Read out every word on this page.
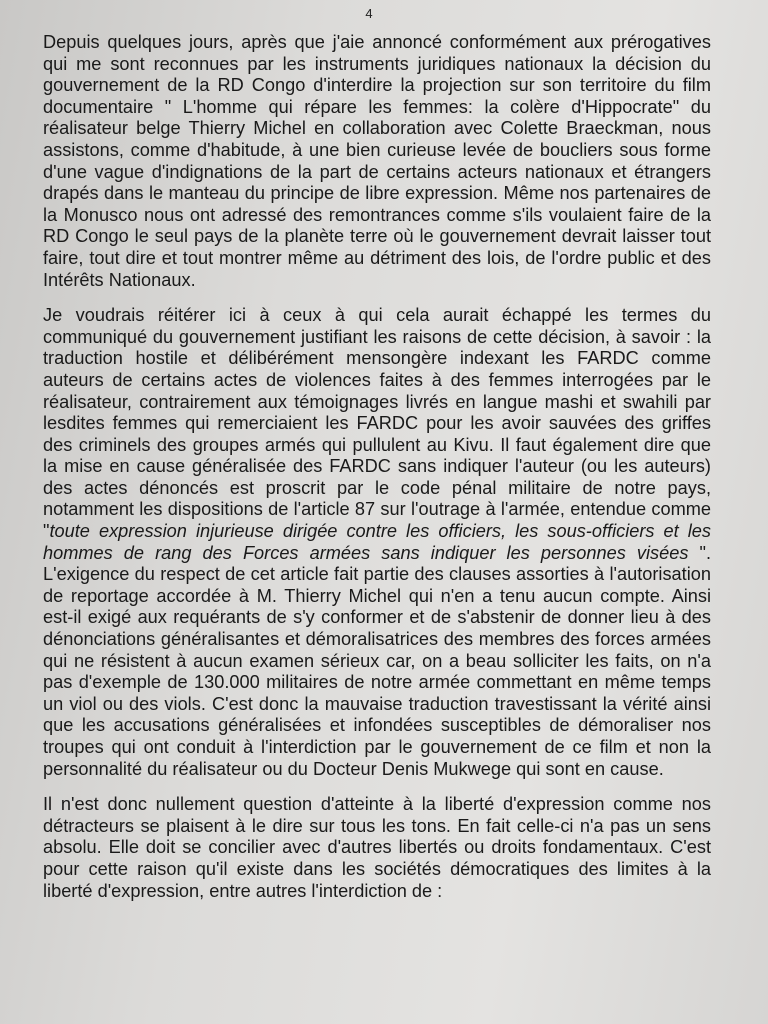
4

Depuis quelques jours, après que j'aie annoncé conformément aux prérogatives qui me sont reconnues par les instruments juridiques nationaux la décision du gouvernement de la RD Congo d'interdire la projection sur son territoire du film documentaire " L'homme qui répare les femmes: la colère d'Hippocrate" du réalisateur belge Thierry Michel en collaboration avec Colette Braeckman, nous assistons, comme d'habitude, à une bien curieuse levée de boucliers sous forme d'une vague d'indignations de la part de certains acteurs nationaux et étrangers drapés dans le manteau du principe de libre expression. Même nos partenaires de la Monusco nous ont adressé des remontrances comme s'ils voulaient faire de la RD Congo le seul pays de la planète terre où le gouvernement devrait laisser tout faire, tout dire et tout montrer même au détriment des lois, de l'ordre public et des Intérêts Nationaux.

Je voudrais réitérer ici à ceux à qui cela aurait échappé les termes du communiqué du gouvernement justifiant les raisons de cette décision, à savoir : la traduction hostile et délibérément mensongère indexant les FARDC comme auteurs de certains actes de violences faites à des femmes interrogées par le réalisateur, contrairement aux témoignages livrés en langue mashi et swahili par lesdites femmes qui remerciaient les FARDC pour les avoir sauvées des griffes des criminels des groupes armés qui pullulent au Kivu. Il faut également dire que la mise en cause généralisée des FARDC sans indiquer l'auteur (ou les auteurs) des actes dénoncés est proscrit par le code pénal militaire de notre pays, notamment les dispositions de l'article 87 sur l'outrage à l'armée, entendue comme "toute expression injurieuse dirigée contre les officiers, les sous-officiers et les hommes de rang des Forces armées sans indiquer les personnes visées ". L'exigence du respect de cet article fait partie des clauses assorties à l'autorisation de reportage accordée à M. Thierry Michel qui n'en a tenu aucun compte. Ainsi est-il exigé aux requérants de s'y conformer et de s'abstenir de donner lieu à des dénonciations généralisantes et démoralisatrices des membres des forces armées qui ne résistent à aucun examen sérieux car, on a beau solliciter les faits, on n'a pas d'exemple de 130.000 militaires de notre armée commettant en même temps un viol ou des viols. C'est donc la mauvaise traduction travestissant la vérité ainsi que les accusations généralisées et infondées susceptibles de démoraliser nos troupes qui ont conduit à l'interdiction par le gouvernement de ce film et non la personnalité du réalisateur ou du Docteur Denis Mukwege qui sont en cause.

Il n'est donc nullement question d'atteinte à la liberté d'expression comme nos détracteurs se plaisent à le dire sur tous les tons. En fait celle-ci n'a pas un sens absolu. Elle doit se concilier avec d'autres libertés ou droits fondamentaux. C'est pour cette raison qu'il existe dans les sociétés démocratiques des limites à la liberté d'expression, entre autres l'interdiction de :
